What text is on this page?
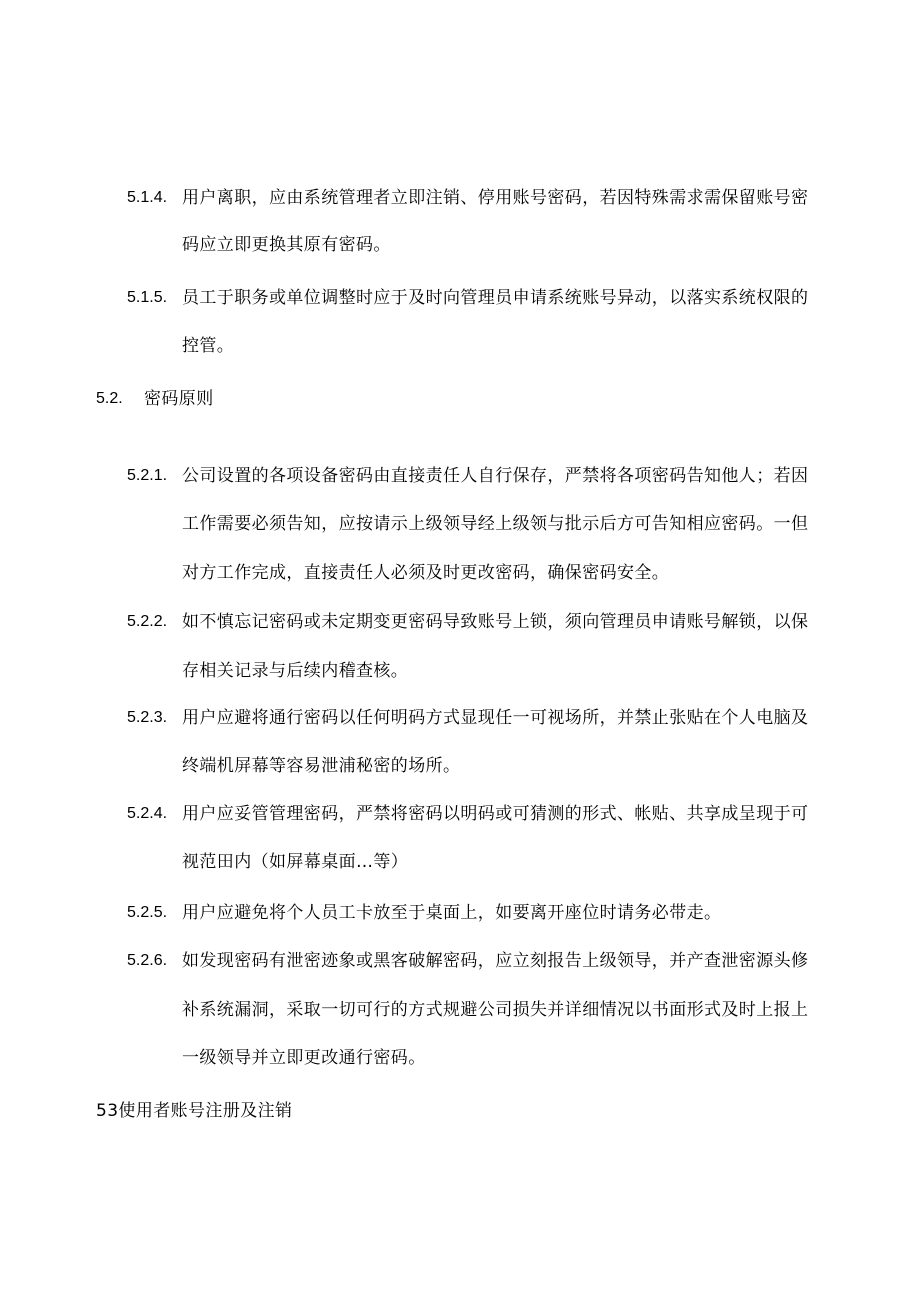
5.1.4. 用户离职，应由系统管理者立即注销、停用账号密码，若因特殊需求需保留账号密
码应立即更换其原有密码。
5.1.5. 员工于职务或单位调整时应于及时向管理员申请系统账号异动，以落实系统权限的
控管。
5.2. 密码原则
5.2.1. 公司设置的各项设备密码由直接责任人自行保存，严禁将各项密码告知他人；若因
工作需要必须告知，应按请示上级领导经上级领与批示后方可告知相应密码。一但
对方工作完成，直接责任人必须及时更改密码，确保密码安全。
5.2.2. 如不慎忘记密码或未定期变更密码导致账号上锁，须向管理员申请账号解锁，以保
存相关记录与后续内稽查核。
5.2.3. 用户应避将通行密码以任何明码方式显现任一可视场所，并禁止张贴在个人电脑及
终端机屏幕等容易泄浦秘密的场所。
5.2.4. 用户应妥管管理密码，严禁将密码以明码或可猜测的形式、帐贴、共享成呈现于可
视范田内（如屏幕桌面…等）
5.2.5. 用户应避免将个人员工卡放至于桌面上，如要离开座位时请务必带走。
5.2.6. 如发现密码有泄密迹象或黑客破解密码，应立刻报告上级领导，并产查泄密源头修
补系统漏洞，采取一切可行的方式规避公司损失并详细情况以书面形式及时上报上
一级领导并立即更改通行密码。
53使用者账号注册及注销
